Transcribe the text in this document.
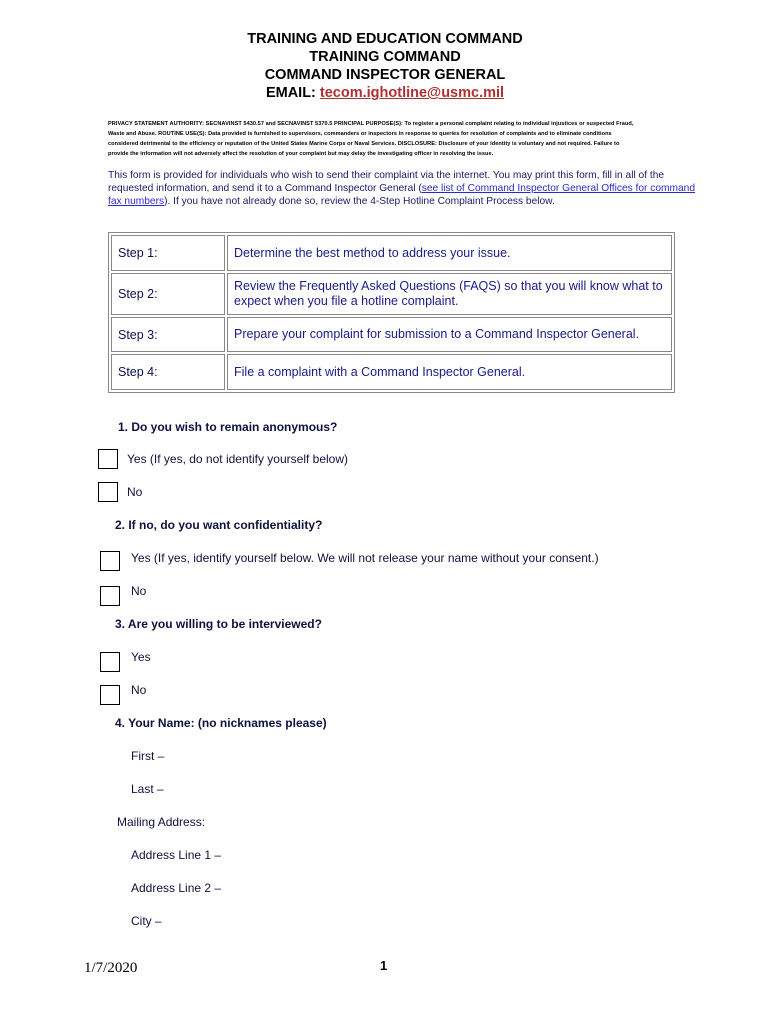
TRAINING AND EDUCATION COMMAND
TRAINING COMMAND
COMMAND INSPECTOR GENERAL
EMAIL: tecom.ighotline@usmc.mil
PRIVACY STATEMENT AUTHORITY: SECNAVINST 5430.57 and SECNAVINST 5370.5 PRINCIPAL PURPOSE(S): To register a personal complaint relating to individual injustices or suspected Fraud,
Waste and Abuse. ROUTINE USE(S): Data provided is furnished to supervisors, commanders or inspectors in response to queries for resolution of complaints and to eliminate conditions
considered detrimental to the efficiency or reputation of the United States Marine Corps or Naval Services. DISCLOSURE: Disclosure of your identity is voluntary and not required. Failure to
provide the information will not adversely affect the resolution of your complaint but may delay the investigating officer in resolving the issue.
This form is provided for individuals who wish to send their complaint via the internet. You may print this form, fill in all of the requested information, and send it to a Command Inspector General (see list of Command Inspector General Offices for command fax numbers). If you have not already done so, review the 4-Step Hotline Complaint Process below.
Step 1:	Determine the best method to address your issue.
Step 2:	Review the Frequently Asked Questions (FAQS) so that you will know what to expect when you file a hotline complaint.
Step 3:	Prepare your complaint for submission to a Command Inspector General.
Step 4:	File a complaint with a Command Inspector General.
1. Do you wish to remain anonymous?
Yes (If yes, do not identify yourself below)
No
2. If no, do you want confidentiality?
Yes (If yes, identify yourself below. We will not release your name without your consent.)
No
3. Are you willing to be interviewed?
Yes
No
4. Your Name: (no nicknames please)
First –
Last –
Mailing Address:
Address Line 1 –
Address Line 2 –
City –
1/7/2020	1
